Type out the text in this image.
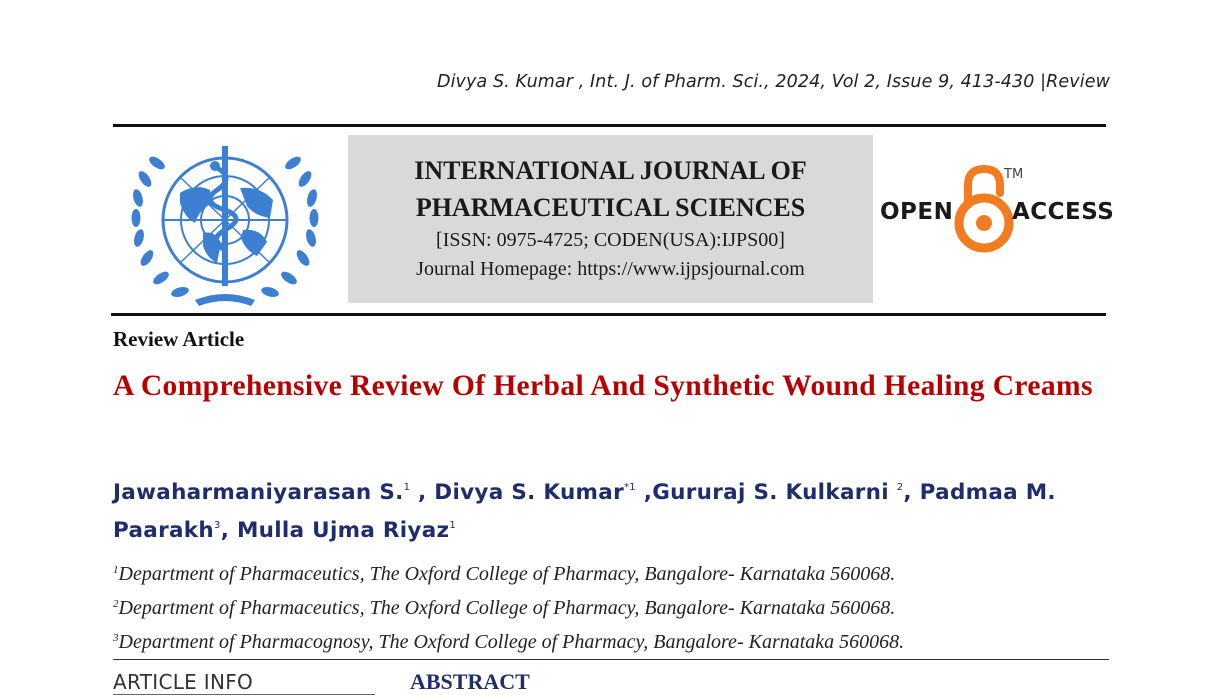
Divya S. Kumar , Int. J. of Pharm. Sci., 2024, Vol 2, Issue 9, 413-430 |Review
INTERNATIONAL JOURNAL OF
PHARMACEUTICAL SCIENCES
[ISSN: 0975-4725; CODEN(USA):IJPS00]
Journal Homepage: https://www.ijpsjournal.com
OPEN
TM
ACCESS
Review Article
A Comprehensive Review Of Herbal And Synthetic Wound Healing Creams
Jawaharmaniyarasan S.$^1$ , Divya S. Kumar$^{*1}$ ,Gururaj S. Kulkarni $^2$, Padmaa M. Paarakh$^3$, Mulla Ujma Riyaz$^1$
$^1$Department of Pharmaceutics, The Oxford College of Pharmacy, Bangalore- Karnataka 560068.
$^2$Department of Pharmaceutics, The Oxford College of Pharmacy, Bangalore- Karnataka 560068.
$^3$Department of Pharmacognosy, The Oxford College of Pharmacy, Bangalore- Karnataka 560068.
ARTICLE INFO	ABSTRACT
